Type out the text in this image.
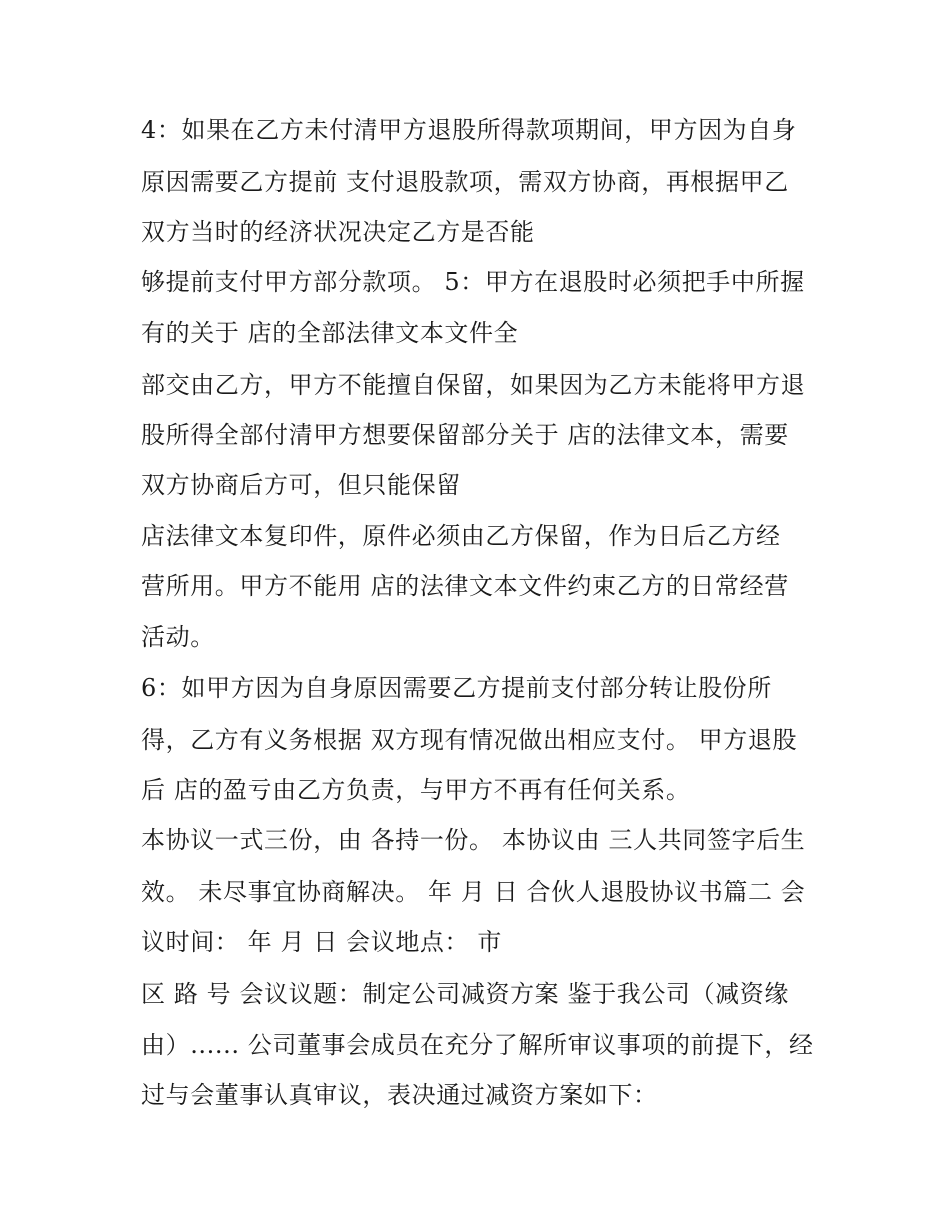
4：如果在乙方未付清甲方退股所得款项期间，甲方因为自身
原因需要乙方提前 支付退股款项，需双方协商，再根据甲乙
双方当时的经济状况决定乙方是否能
够提前支付甲方部分款项。 5：甲方在退股时必须把手中所握
有的关于 店的全部法律文本文件全
部交由乙方，甲方不能擅自保留，如果因为乙方未能将甲方退
股所得全部付清甲方想要保留部分关于 店的法律文本，需要
双方协商后方可，但只能保留
店法律文本复印件，原件必须由乙方保留，作为日后乙方经
营所用。甲方不能用 店的法律文本文件约束乙方的日常经营
活动。
6：如甲方因为自身原因需要乙方提前支付部分转让股份所
得，乙方有义务根据 双方现有情况做出相应支付。 甲方退股
后 店的盈亏由乙方负责，与甲方不再有任何关系。
本协议一式三份，由 各持一份。 本协议由 三人共同签字后生
效。 未尽事宜协商解决。 年 月 日 合伙人退股协议书篇二 会
议时间： 年 月 日 会议地点： 市
区 路 号 会议议题：制定公司减资方案 鉴于我公司（减资缘
由）...... 公司董事会成员在充分了解所审议事项的前提下，经
过与会董事认真审议，表决通过减资方案如下：
